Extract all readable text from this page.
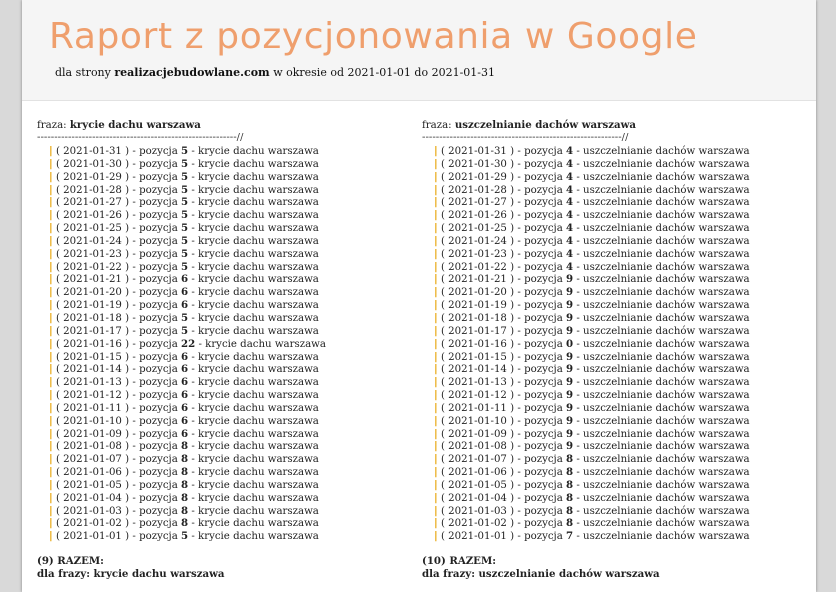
Raport z pozycjonowania w Google
dla strony realizacjebudowlane.com w okresie od 2021-01-01 do 2021-01-31
fraza: krycie dachu warszawa
----------------------------------------------------------//
| ( 2021-01-31 ) - pozycja 5 - krycie dachu warszawa
| ( 2021-01-30 ) - pozycja 5 - krycie dachu warszawa
| ( 2021-01-29 ) - pozycja 5 - krycie dachu warszawa
| ( 2021-01-28 ) - pozycja 5 - krycie dachu warszawa
| ( 2021-01-27 ) - pozycja 5 - krycie dachu warszawa
| ( 2021-01-26 ) - pozycja 5 - krycie dachu warszawa
| ( 2021-01-25 ) - pozycja 5 - krycie dachu warszawa
| ( 2021-01-24 ) - pozycja 5 - krycie dachu warszawa
| ( 2021-01-23 ) - pozycja 5 - krycie dachu warszawa
| ( 2021-01-22 ) - pozycja 5 - krycie dachu warszawa
| ( 2021-01-21 ) - pozycja 6 - krycie dachu warszawa
| ( 2021-01-20 ) - pozycja 6 - krycie dachu warszawa
| ( 2021-01-19 ) - pozycja 6 - krycie dachu warszawa
| ( 2021-01-18 ) - pozycja 5 - krycie dachu warszawa
| ( 2021-01-17 ) - pozycja 5 - krycie dachu warszawa
| ( 2021-01-16 ) - pozycja 22 - krycie dachu warszawa
| ( 2021-01-15 ) - pozycja 6 - krycie dachu warszawa
| ( 2021-01-14 ) - pozycja 6 - krycie dachu warszawa
| ( 2021-01-13 ) - pozycja 6 - krycie dachu warszawa
| ( 2021-01-12 ) - pozycja 6 - krycie dachu warszawa
| ( 2021-01-11 ) - pozycja 6 - krycie dachu warszawa
| ( 2021-01-10 ) - pozycja 6 - krycie dachu warszawa
| ( 2021-01-09 ) - pozycja 6 - krycie dachu warszawa
| ( 2021-01-08 ) - pozycja 8 - krycie dachu warszawa
| ( 2021-01-07 ) - pozycja 8 - krycie dachu warszawa
| ( 2021-01-06 ) - pozycja 8 - krycie dachu warszawa
| ( 2021-01-05 ) - pozycja 8 - krycie dachu warszawa
| ( 2021-01-04 ) - pozycja 8 - krycie dachu warszawa
| ( 2021-01-03 ) - pozycja 8 - krycie dachu warszawa
| ( 2021-01-02 ) - pozycja 8 - krycie dachu warszawa
| ( 2021-01-01 ) - pozycja 5 - krycie dachu warszawa
(9) RAZEM:
dla frazy: krycie dachu warszawa
fraza: uszczelnianie dachów warszawa
----------------------------------------------------------//
| ( 2021-01-31 ) - pozycja 4 - uszczelnianie dachów warszawa
| ( 2021-01-30 ) - pozycja 4 - uszczelnianie dachów warszawa
| ( 2021-01-29 ) - pozycja 4 - uszczelnianie dachów warszawa
| ( 2021-01-28 ) - pozycja 4 - uszczelnianie dachów warszawa
| ( 2021-01-27 ) - pozycja 4 - uszczelnianie dachów warszawa
| ( 2021-01-26 ) - pozycja 4 - uszczelnianie dachów warszawa
| ( 2021-01-25 ) - pozycja 4 - uszczelnianie dachów warszawa
| ( 2021-01-24 ) - pozycja 4 - uszczelnianie dachów warszawa
| ( 2021-01-23 ) - pozycja 4 - uszczelnianie dachów warszawa
| ( 2021-01-22 ) - pozycja 4 - uszczelnianie dachów warszawa
| ( 2021-01-21 ) - pozycja 9 - uszczelnianie dachów warszawa
| ( 2021-01-20 ) - pozycja 9 - uszczelnianie dachów warszawa
| ( 2021-01-19 ) - pozycja 9 - uszczelnianie dachów warszawa
| ( 2021-01-18 ) - pozycja 9 - uszczelnianie dachów warszawa
| ( 2021-01-17 ) - pozycja 9 - uszczelnianie dachów warszawa
| ( 2021-01-16 ) - pozycja 0 - uszczelnianie dachów warszawa
| ( 2021-01-15 ) - pozycja 9 - uszczelnianie dachów warszawa
| ( 2021-01-14 ) - pozycja 9 - uszczelnianie dachów warszawa
| ( 2021-01-13 ) - pozycja 9 - uszczelnianie dachów warszawa
| ( 2021-01-12 ) - pozycja 9 - uszczelnianie dachów warszawa
| ( 2021-01-11 ) - pozycja 9 - uszczelnianie dachów warszawa
| ( 2021-01-10 ) - pozycja 9 - uszczelnianie dachów warszawa
| ( 2021-01-09 ) - pozycja 9 - uszczelnianie dachów warszawa
| ( 2021-01-08 ) - pozycja 9 - uszczelnianie dachów warszawa
| ( 2021-01-07 ) - pozycja 8 - uszczelnianie dachów warszawa
| ( 2021-01-06 ) - pozycja 8 - uszczelnianie dachów warszawa
| ( 2021-01-05 ) - pozycja 8 - uszczelnianie dachów warszawa
| ( 2021-01-04 ) - pozycja 8 - uszczelnianie dachów warszawa
| ( 2021-01-03 ) - pozycja 8 - uszczelnianie dachów warszawa
| ( 2021-01-02 ) - pozycja 8 - uszczelnianie dachów warszawa
| ( 2021-01-01 ) - pozycja 7 - uszczelnianie dachów warszawa
(10) RAZEM:
dla frazy: uszczelnianie dachów warszawa
